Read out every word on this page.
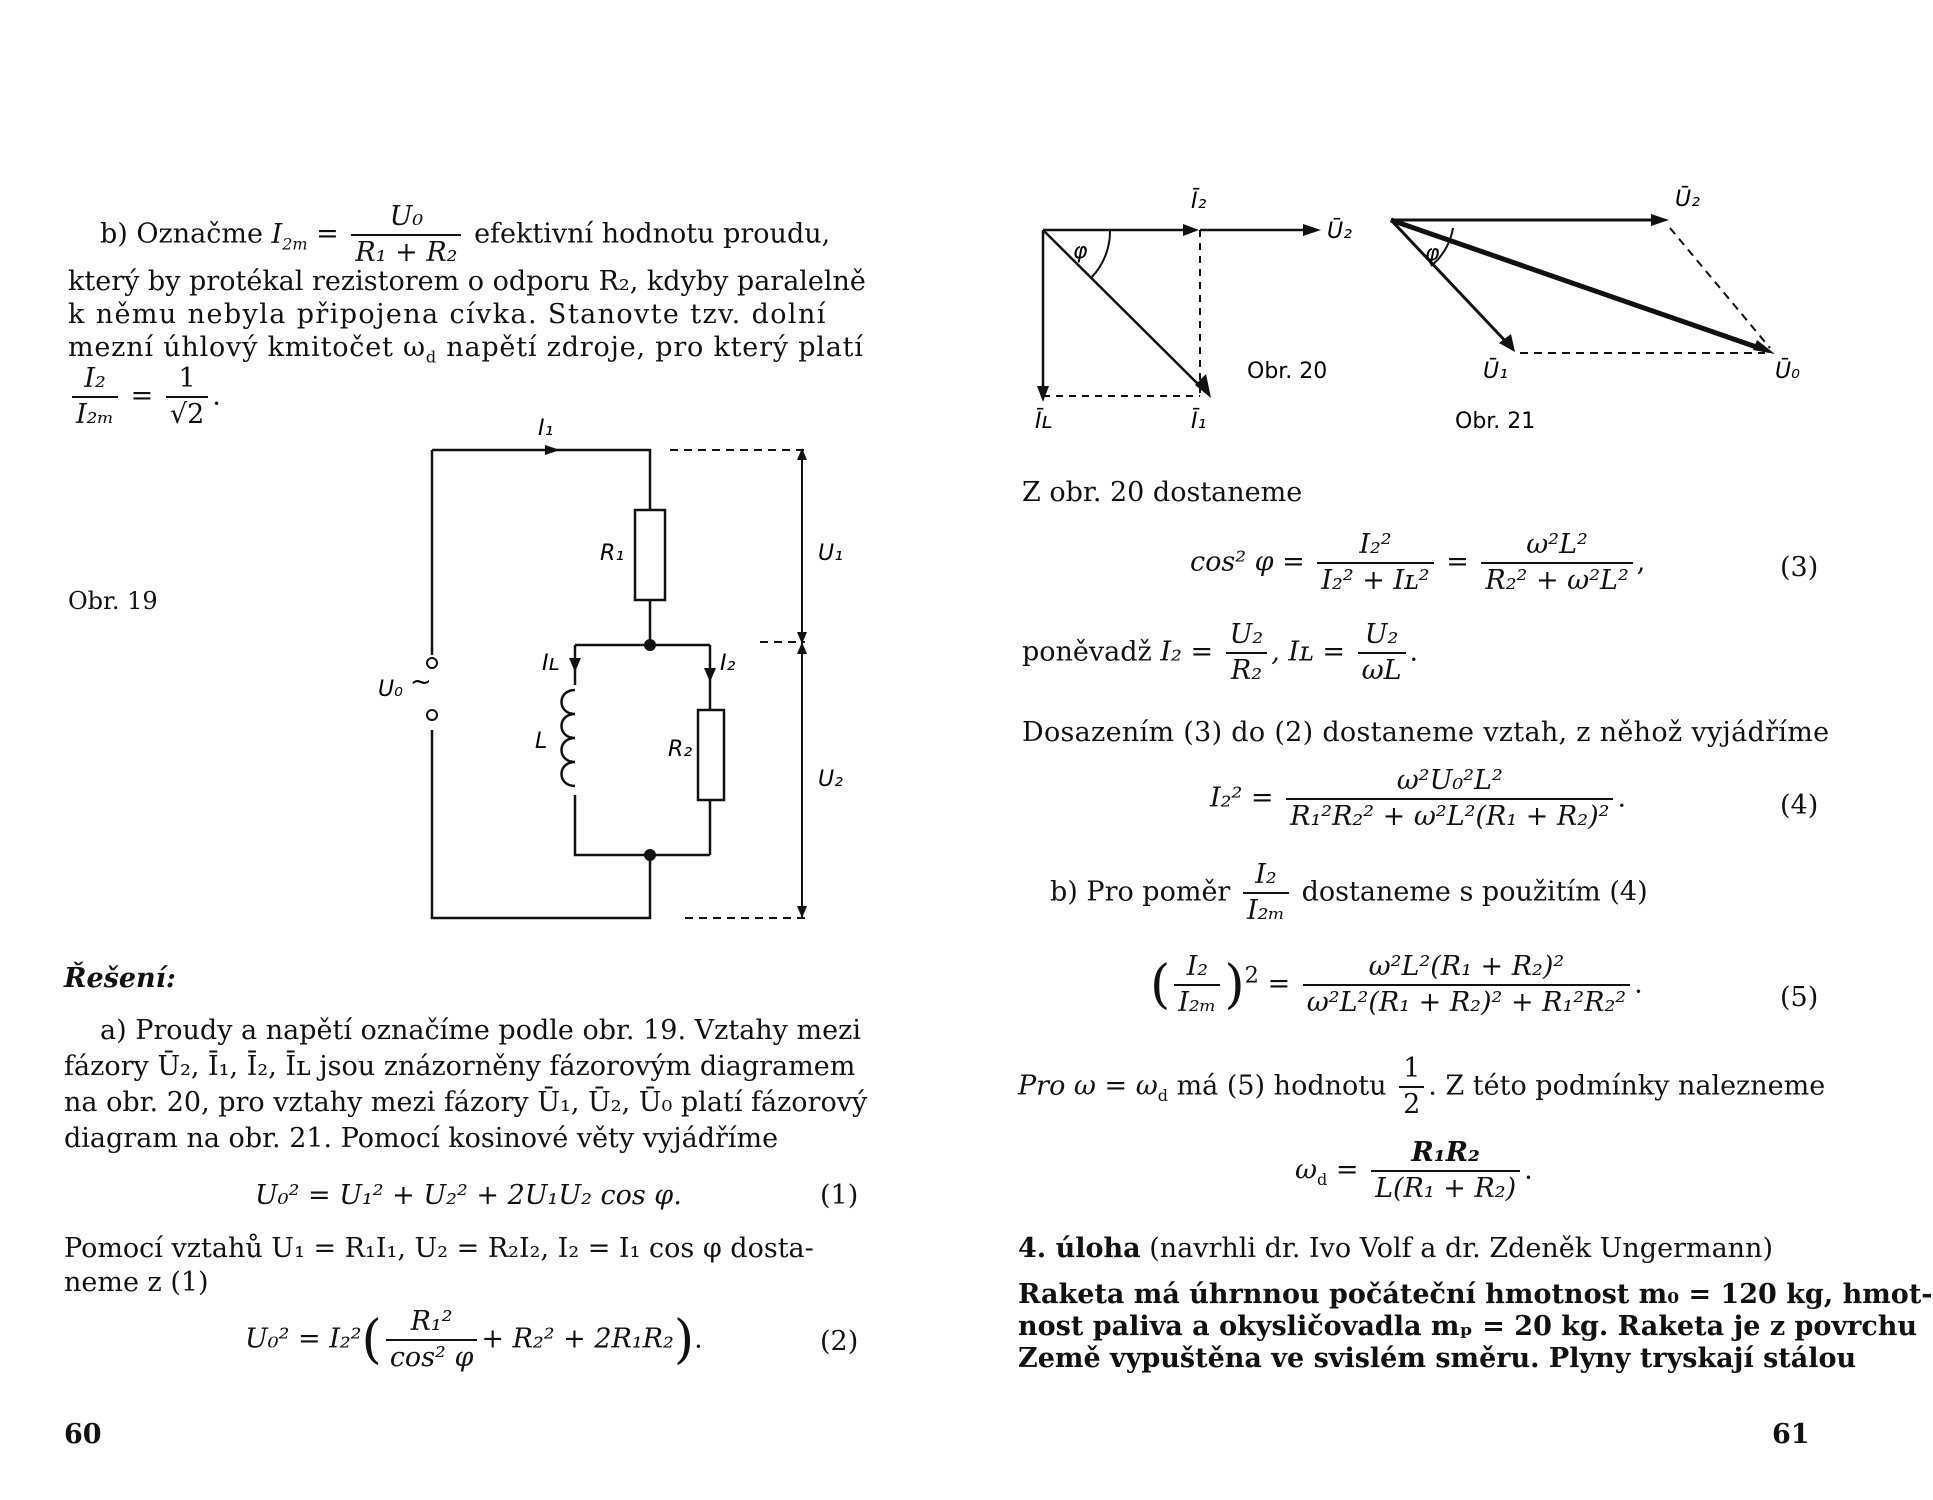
b) Označme $I_{2m} = \frac{\text{U₀}}{\text{R₁ + R₂}}$ efektivní hodnotu proudu,
který by protékal rezistorem o odporu R₂, kdyby paralelně
k němu nebyla připojena cívka. Stanovte tzv. dolní
mezní úhlový kmitočet $\omega_d$ napětí zdroje, pro který platí
$\frac{\text{I₂}}{\text{I₂ₘ}} = \frac{1}{√2}$ .
Obr. 19
I₁
R₁	U₁
Iʟ	I₂
U₀ ~
L	R₂
U₂
Řešení:
a) Proudy a napětí označíme podle obr. 19. Vztahy mezi
fázory Ū₂, Ī₁, Ī₂, Īʟ jsou znázorněny fázorovým diagramem
na obr. 20, pro vztahy mezi fázory Ū₁, Ū₂, Ū₀ platí fázorový
diagram na obr. 21. Pomocí kosinové věty vyjádříme
U₀² = U₁² + U₂² + 2U₁U₂ cos φ.	(1)
Pomocí vztahů U₁ = R₁I₁, U₂ = R₂I₂, I₂ = I₁ cos φ dosta-
neme z (1)
$U_0^2 = I_2^2( \frac{\text{R₁²}}{\text{cos² φ}} + R_2^2 + 2R_1R_2)$.	(2)
60
Ī₂
Ū₂
φ
Īʟ	Ī₁
Obr. 20
Ū₂
φ
Ū₁	Ū₀
Obr. 21
Z obr. 20 dostaneme
cos² $\varphi = \frac{\text{I₂²}}{\text{I₂² + Iʟ²}} = \frac{\text{ω²L²}}{\text{R₂² + ω²L²}}$ ,	(3)
poněvadž $I_2 = \frac{\text{U₂}}{\text{R₂}}$ , Iʟ = $\frac{\text{U₂}}{\omega L}$ .
Dosazením (3) do (2) dostaneme vztah, z něhož vyjádříme
$I_2^2 = \frac{\text{ω²U₀²L²}}{\text{R₁²R₂² + ω²L²(R₁ + R₂)²}}$ .	(4)
b) Pro poměr $\frac{\text{I₂}}{\text{I₂ₘ}}$ dostaneme s použitím (4)
( $\frac{\text{I₂}}{\text{I₂ₘ}} )^2 = \frac{\text{ω²L²(R₁ + R₂)²}}{\text{ω²L²(R₁ + R₂)² + R₁²R₂²}}$ .	(5)
Pro $\omega = \omega_d$ má (5) hodnotu $\frac{1}{2}$ . Z této podmínky nalezneme
$\omega_d = \frac{\text{R₁R₂}}{\text{L(R₁ + R₂)}}$ .
4. úloha (navrhli dr. Ivo Volf a dr. Zdeněk Ungermann)
Raketa má úhrnnou počáteční hmotnost m₀ = 120 kg, hmot-
nost paliva a okysličovadla mₚ = 20 kg. Raketa je z povrchu
Země vypuštěna ve svislém směru. Plyny tryskají stálou
61
